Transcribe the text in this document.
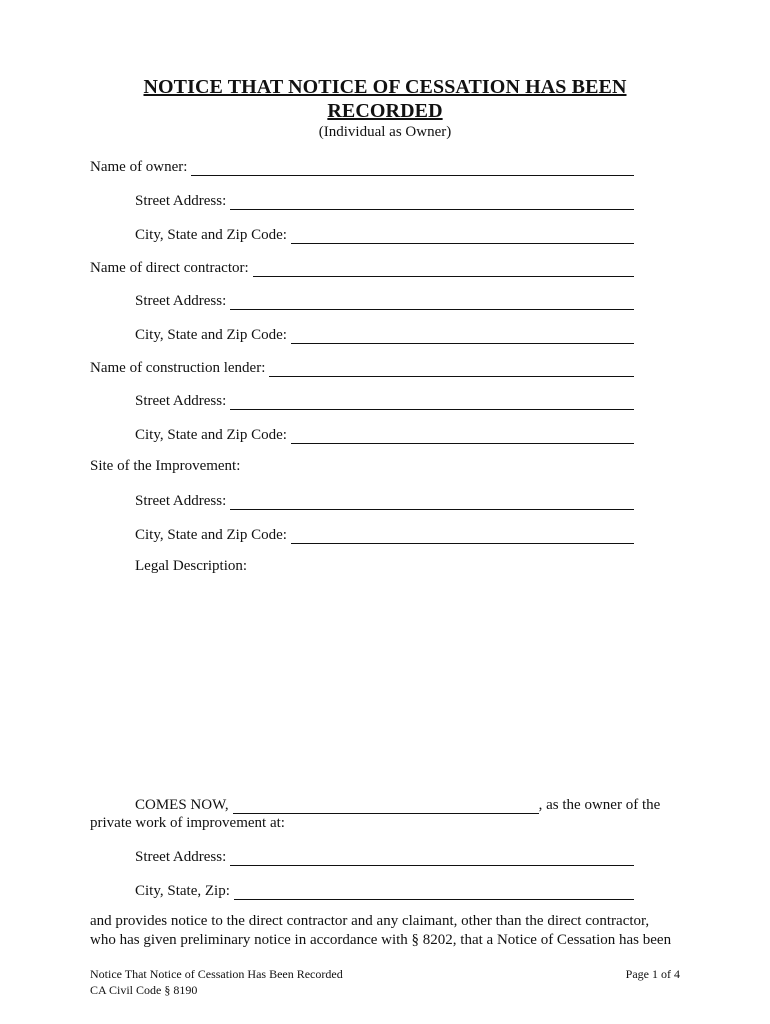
NOTICE THAT NOTICE OF CESSATION HAS BEEN
RECORDED
(Individual as Owner)
Name of owner:
Street Address:
City, State and Zip Code:
Name of direct contractor:
Street Address:
City, State and Zip Code:
Name of construction lender:
Street Address:
City, State and Zip Code:
Site of the Improvement:
Street Address:
City, State and Zip Code:
Legal Description:
COMES NOW,	, as the owner of the
private work of improvement at:
Street Address:
City, State, Zip:
and provides notice to the direct contractor and any claimant, other than the direct contractor,
who has given preliminary notice in accordance with § 8202, that a Notice of Cessation has been
Notice That Notice of Cessation Has Been Recorded
CA Civil Code § 8190
Page 1 of 4
